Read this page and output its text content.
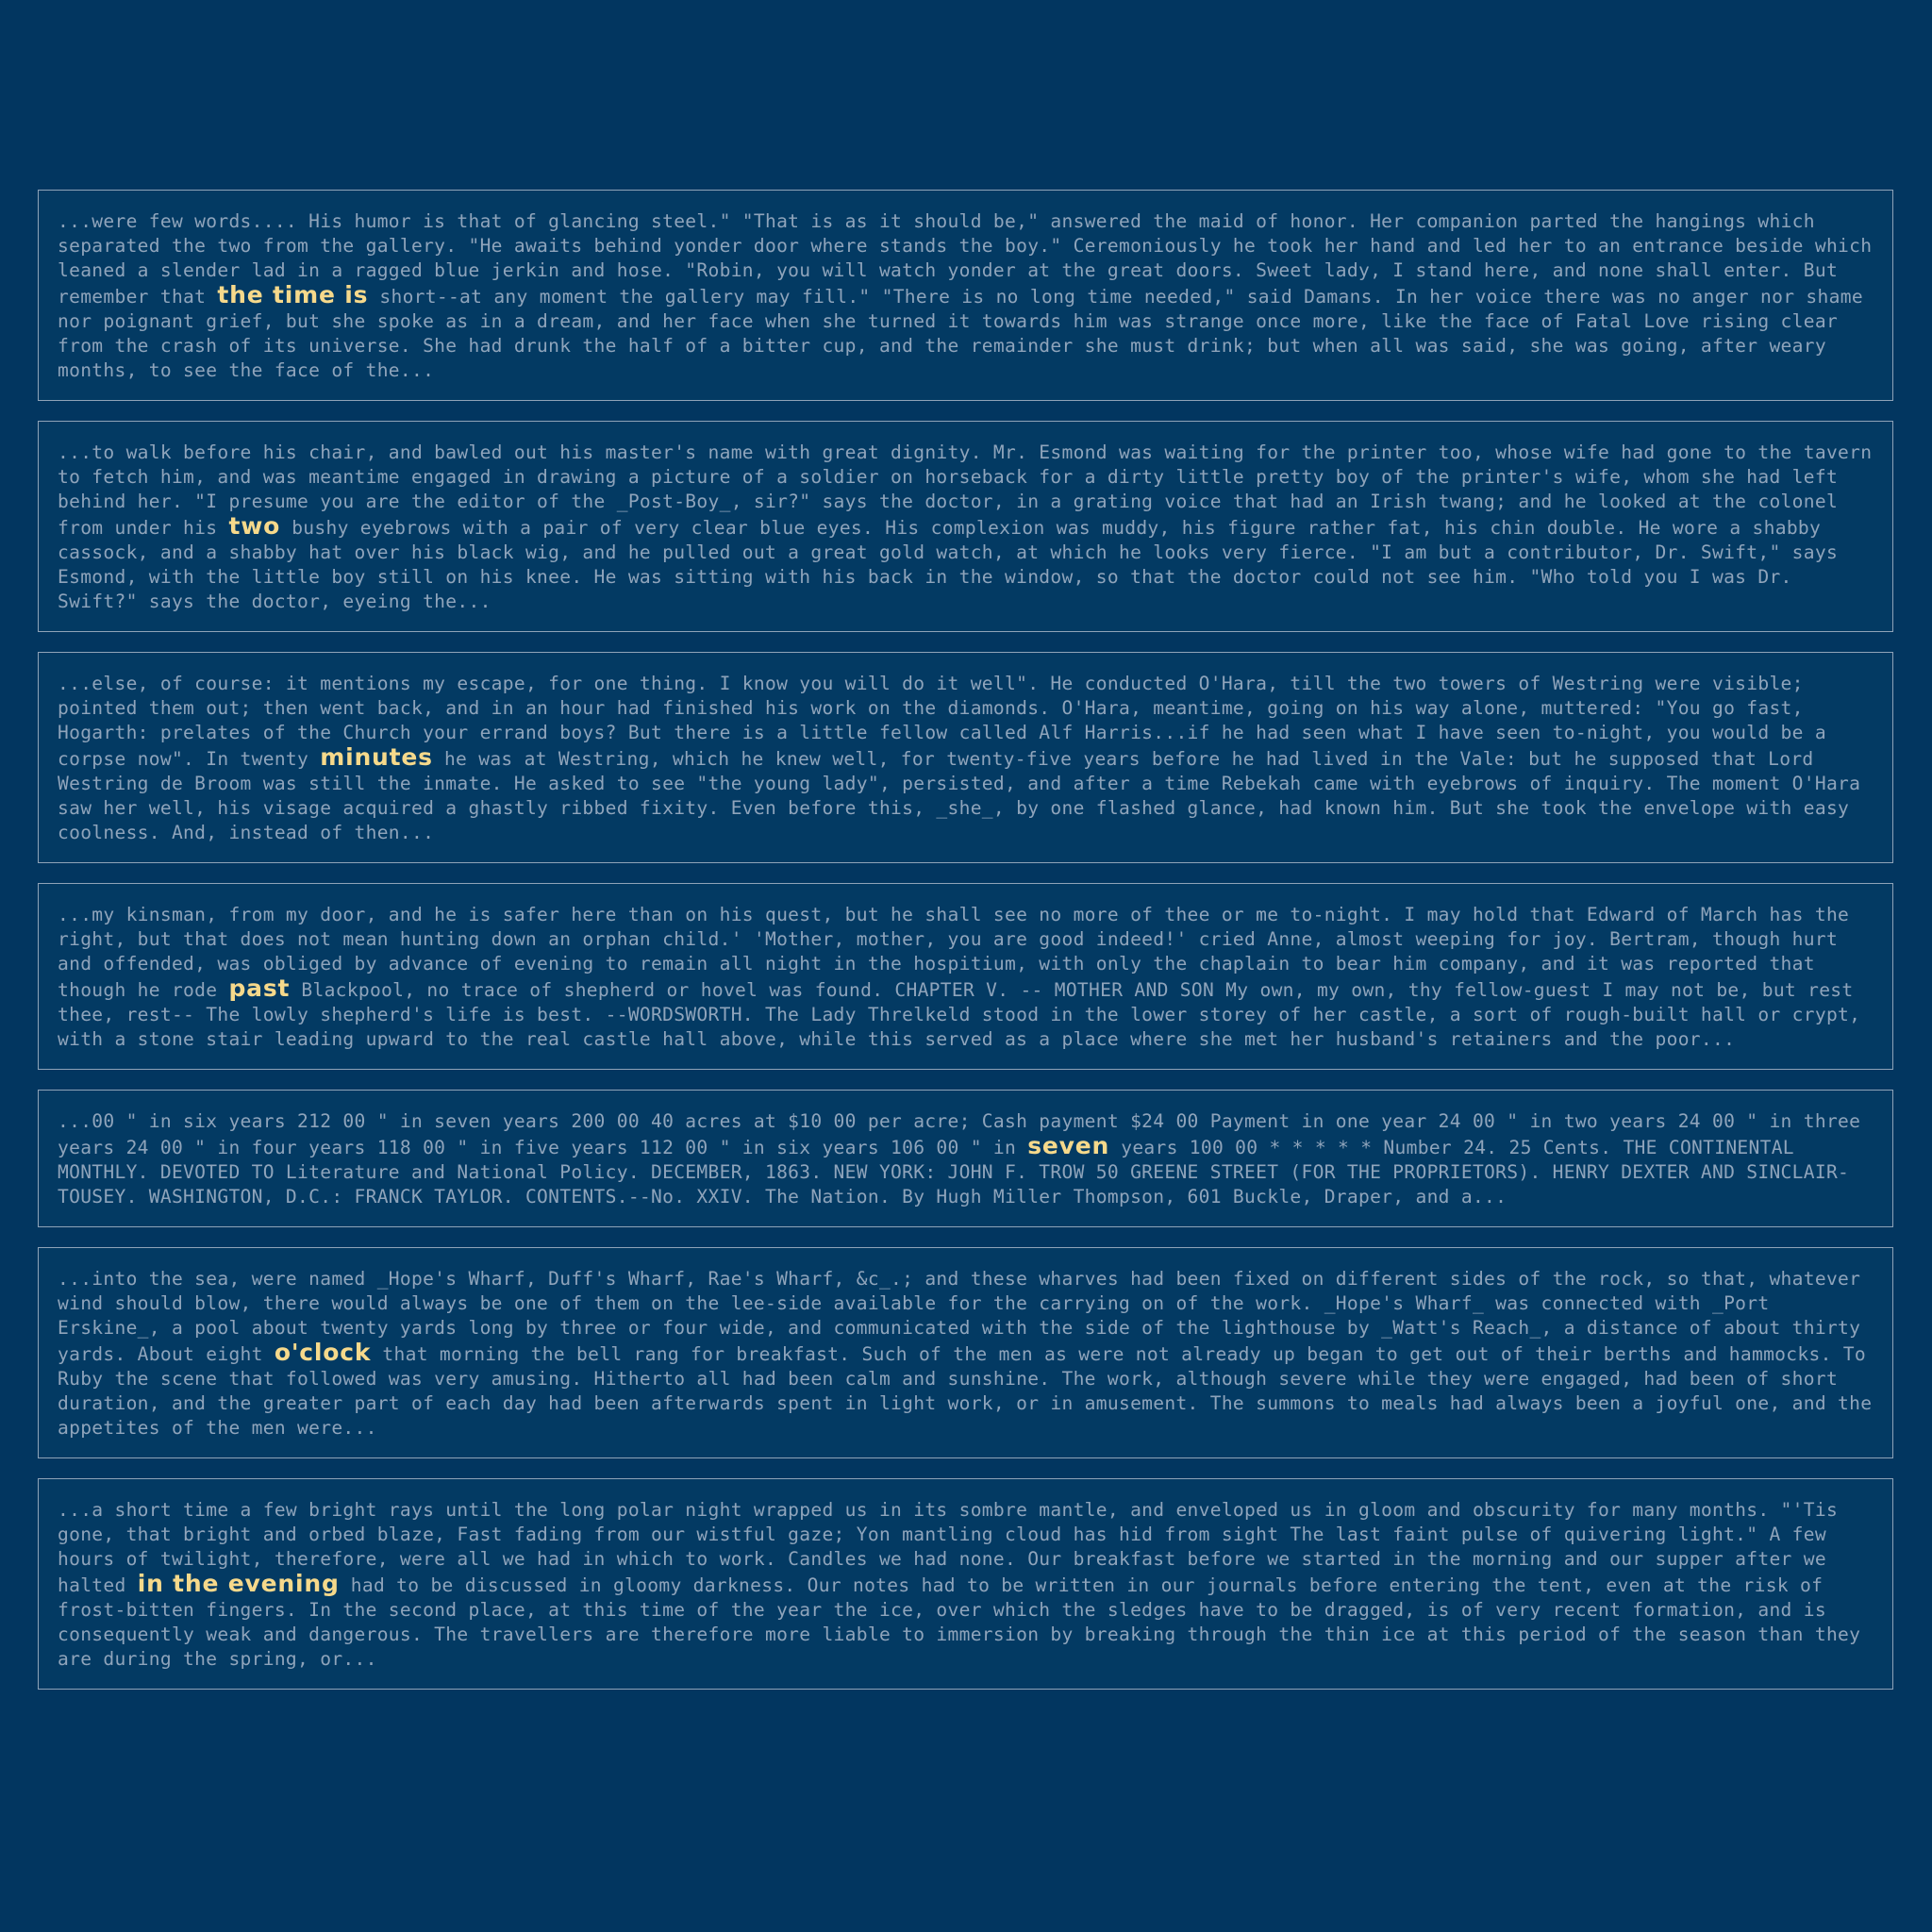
...were few words.... His humor is that of glancing steel." "That is as it should be," answered the maid of honor. Her companion parted the hangings which separated the two from the gallery. "He awaits behind yonder door where stands the boy." Ceremoniously he took her hand and led her to an entrance beside which leaned a slender lad in a ragged blue jerkin and hose. "Robin, you will watch yonder at the great doors. Sweet lady, I stand here, and none shall enter. But remember that the time is short--at any moment the gallery may fill." "There is no long time needed," said Damans. In her voice there was no anger nor shame nor poignant grief, but she spoke as in a dream, and her face when she turned it towards him was strange once more, like the face of Fatal Love rising clear from the crash of its universe. She had drunk the half of a bitter cup, and the remainder she must drink; but when all was said, she was going, after weary months, to see the face of the...
...to walk before his chair, and bawled out his master's name with great dignity. Mr. Esmond was waiting for the printer too, whose wife had gone to the tavern to fetch him, and was meantime engaged in drawing a picture of a soldier on horseback for a dirty little pretty boy of the printer's wife, whom she had left behind her. "I presume you are the editor of the _Post-Boy_, sir?" says the doctor, in a grating voice that had an Irish twang; and he looked at the colonel from under his two bushy eyebrows with a pair of very clear blue eyes. His complexion was muddy, his figure rather fat, his chin double. He wore a shabby cassock, and a shabby hat over his black wig, and he pulled out a great gold watch, at which he looks very fierce. "I am but a contributor, Dr. Swift," says Esmond, with the little boy still on his knee. He was sitting with his back in the window, so that the doctor could not see him. "Who told you I was Dr. Swift?" says the doctor, eyeing the...
...else, of course: it mentions my escape, for one thing. I know you will do it well". He conducted O'Hara, till the two towers of Westring were visible; pointed them out; then went back, and in an hour had finished his work on the diamonds. O'Hara, meantime, going on his way alone, muttered: "You go fast, Hogarth: prelates of the Church your errand boys? But there is a little fellow called Alf Harris...if he had seen what I have seen to-night, you would be a corpse now". In twenty minutes he was at Westring, which he knew well, for twenty-five years before he had lived in the Vale: but he supposed that Lord Westring de Broom was still the inmate. He asked to see "the young lady", persisted, and after a time Rebekah came with eyebrows of inquiry. The moment O'Hara saw her well, his visage acquired a ghastly ribbed fixity. Even before this, _she_, by one flashed glance, had known him. But she took the envelope with easy coolness. And, instead of then...
...my kinsman, from my door, and he is safer here than on his quest, but he shall see no more of thee or me to-night. I may hold that Edward of March has the right, but that does not mean hunting down an orphan child.' 'Mother, mother, you are good indeed!' cried Anne, almost weeping for joy. Bertram, though hurt and offended, was obliged by advance of evening to remain all night in the hospitium, with only the chaplain to bear him company, and it was reported that though he rode past Blackpool, no trace of shepherd or hovel was found. CHAPTER V. -- MOTHER AND SON My own, my own, thy fellow-guest I may not be, but rest thee, rest-- The lowly shepherd's life is best. --WORDSWORTH. The Lady Threlkeld stood in the lower storey of her castle, a sort of rough-built hall or crypt, with a stone stair leading upward to the real castle hall above, while this served as a place where she met her husband's retainers and the poor...
...00 " in six years 212 00 " in seven years 200 00 40 acres at $10 00 per acre; Cash payment $24 00 Payment in one year 24 00 " in two years 24 00 " in three years 24 00 " in four years 118 00 " in five years 112 00 " in six years 106 00 " in seven years 100 00 * * * * * Number 24. 25 Cents. THE CONTINENTAL MONTHLY. DEVOTED TO Literature and National Policy. DECEMBER, 1863. NEW YORK: JOHN F. TROW 50 GREENE STREET (FOR THE PROPRIETORS). HENRY DEXTER AND SINCLAIR-TOUSEY. WASHINGTON, D.C.: FRANCK TAYLOR. CONTENTS.--No. XXIV. The Nation. By Hugh Miller Thompson, 601 Buckle, Draper, and a...
...into the sea, were named _Hope's Wharf, Duff's Wharf, Rae's Wharf, &c_.; and these wharves had been fixed on different sides of the rock, so that, whatever wind should blow, there would always be one of them on the lee-side available for the carrying on of the work. _Hope's Wharf_ was connected with _Port Erskine_, a pool about twenty yards long by three or four wide, and communicated with the side of the lighthouse by _Watt's Reach_, a distance of about thirty yards. About eight o'clock that morning the bell rang for breakfast. Such of the men as were not already up began to get out of their berths and hammocks. To Ruby the scene that followed was very amusing. Hitherto all had been calm and sunshine. The work, although severe while they were engaged, had been of short duration, and the greater part of each day had been afterwards spent in light work, or in amusement. The summons to meals had always been a joyful one, and the appetites of the men were...
...a short time a few bright rays until the long polar night wrapped us in its sombre mantle, and enveloped us in gloom and obscurity for many months. "'Tis gone, that bright and orbed blaze, Fast fading from our wistful gaze; Yon mantling cloud has hid from sight The last faint pulse of quivering light." A few hours of twilight, therefore, were all we had in which to work. Candles we had none. Our breakfast before we started in the morning and our supper after we halted in the evening had to be discussed in gloomy darkness. Our notes had to be written in our journals before entering the tent, even at the risk of frost-bitten fingers. In the second place, at this time of the year the ice, over which the sledges have to be dragged, is of very recent formation, and is consequently weak and dangerous. The travellers are therefore more liable to immersion by breaking through the thin ice at this period of the season than they are during the spring, or...
